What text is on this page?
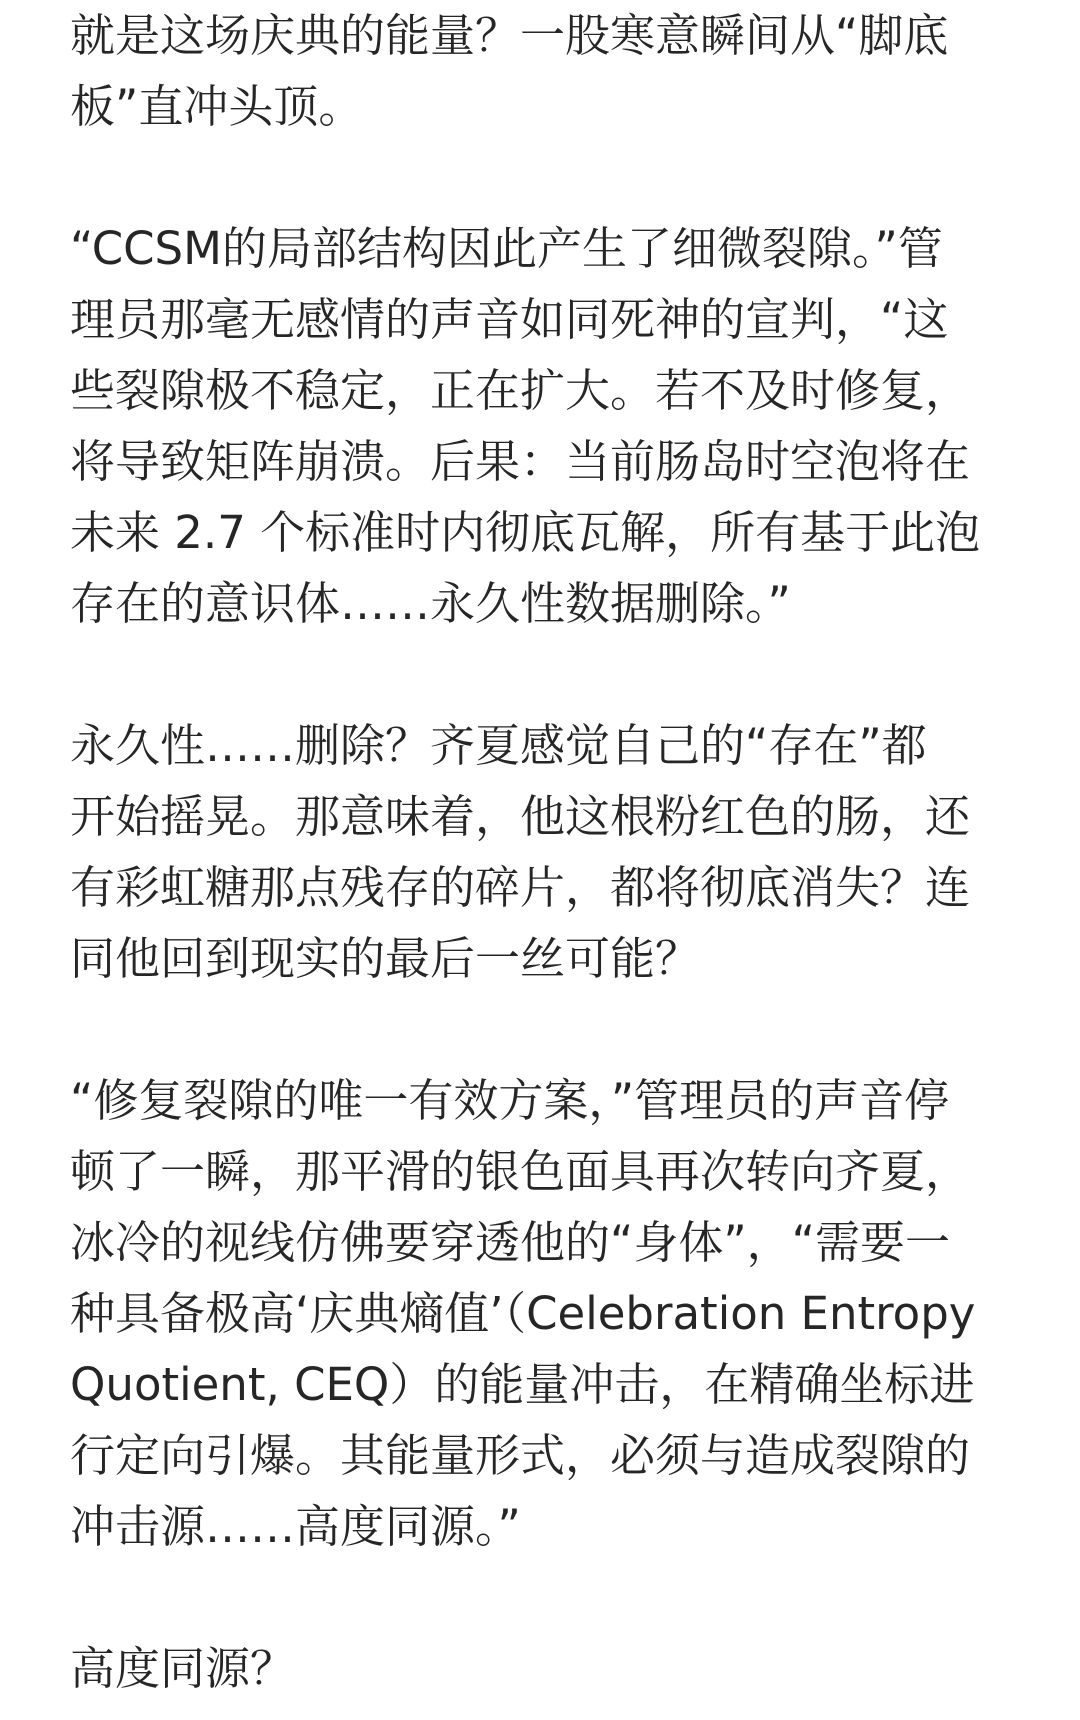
就是这场庆典的能量？一股寒意瞬间从“脚底
板”直冲头顶。
“CCSM的局部结构因此产生了细微裂隙。”管
理员那毫无感情的声音如同死神的宣判，“这
些裂隙极不稳定，正在扩大。若不及时修复，
将导致矩阵崩溃。后果：当前肠岛时空泡将在
未来 2.7 个标准时内彻底瓦解，所有基于此泡
存在的意识体……永久性数据删除。”
永久性……删除？齐夏感觉自己的“存在”都
开始摇晃。那意味着，他这根粉红色的肠，还
有彩虹糖那点残存的碎片，都将彻底消失？连
同他回到现实的最后一丝可能？
“修复裂隙的唯一有效方案，”管理员的声音停
顿了一瞬，那平滑的银色面具再次转向齐夏，
冰冷的视线仿佛要穿透他的“身体”，“需要一
种具备极高‘庆典熵值’（Celebration Entropy
Quotient, CEQ）的能量冲击，在精确坐标进
行定向引爆。其能量形式，必须与造成裂隙的
冲击源……高度同源。”
高度同源？
